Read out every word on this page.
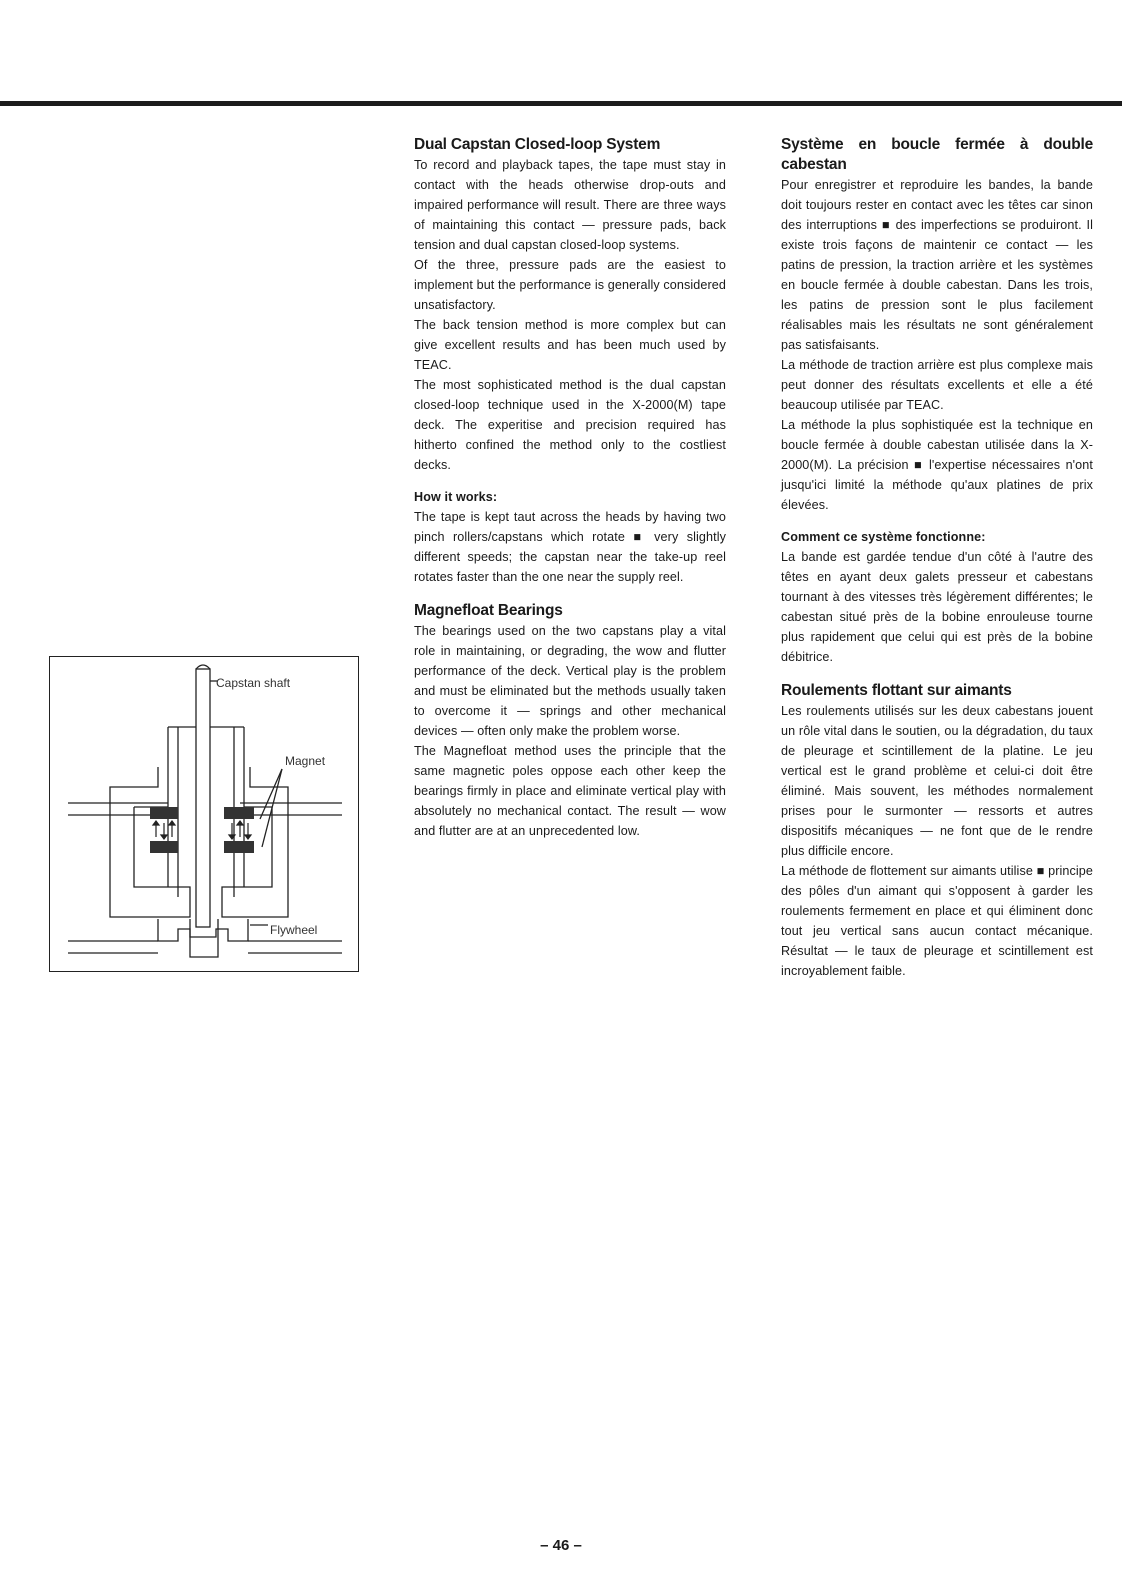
Capstan shaft
Magnet
Flywheel
Dual Capstan Closed-loop System

To record and playback tapes, the tape must stay in contact with the heads otherwise drop-outs and impaired performance will result. There are three ways of maintaining this contact — pressure pads, back tension and dual capstan closed-loop systems.

Of the three, pressure pads are the easiest to implement but the performance is generally considered unsatisfactory.

The back tension method is more complex but can give excellent results and has been much used by TEAC.

The most sophisticated method is the dual capstan closed-loop technique used in the X-2000(M) tape deck. The experitise and precision required has hitherto confined the method only to the costliest decks.

How it works:

The tape is kept taut across the heads by having two pinch rollers/capstans which rotate ■ very slightly different speeds; the capstan near the take-up reel rotates faster than the one near the supply reel.

Magnefloat Bearings

The bearings used on the two capstans play a vital role in maintaining, or degrading, the wow and flutter performance of the deck. Vertical play is the problem and must be eliminated but the methods usually taken to overcome it — springs and other mechanical devices — often only make the problem worse.

The Magnefloat method uses the principle that the same magnetic poles oppose each other keep the bearings firmly in place and eliminate vertical play with absolutely no mechanical contact. The result — wow and flutter are at an unprecedented low.

Système en boucle fermée à double cabestan

Pour enregistrer et reproduire les bandes, la bande doit toujours rester en contact avec les têtes car sinon des interruptions ■ des imperfections se produiront. Il existe trois façons de maintenir ce contact — les patins de pression, la traction arrière et les systèmes en boucle fermée à double cabestan. Dans les trois, les patins de pression sont le plus facilement réalisables mais les résultats ne sont généralement pas satisfaisants.

La méthode de traction arrière est plus complexe mais peut donner des résultats excellents et elle a été beaucoup utilisée par TEAC.

La méthode la plus sophistiquée est la technique en boucle fermée à double cabestan utilisée dans la X-2000(M). La précision ■ l'expertise nécessaires n'ont jusqu'ici limité la méthode qu'aux platines de prix élevées.

Comment ce système fonctionne:

La bande est gardée tendue d'un côté à l'autre des têtes en ayant deux galets presseur et cabestans tournant à des vitesses très légèrement différentes; le cabestan situé près de la bobine enrouleuse tourne plus rapidement que celui qui est près de la bobine débitrice.

Roulements flottant sur aimants

Les roulements utilisés sur les deux cabestans jouent un rôle vital dans le soutien, ou la dégradation, du taux de pleurage et scintillement de la platine. Le jeu vertical est le grand problème et celui-ci doit être éliminé. Mais souvent, les méthodes normalement prises pour le surmonter — ressorts et autres dispositifs mécaniques — ne font que de le rendre plus difficile encore.

La méthode de flottement sur aimants utilise ■ principe des pôles d'un aimant qui s'opposent à garder les roulements fermement en place et qui éliminent donc tout jeu vertical sans aucun contact mécanique. Résultat — le taux de pleurage et scintillement est incroyablement faible.

– 46 –
